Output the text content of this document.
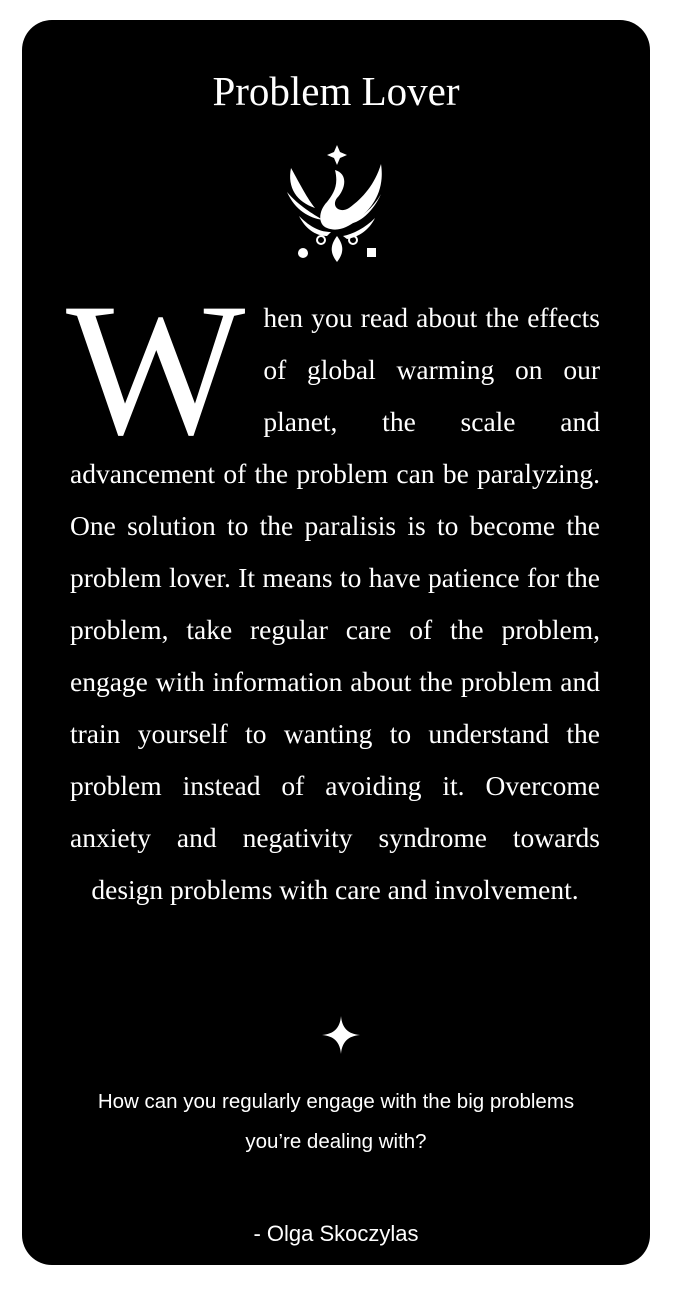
Problem Lover
When you read about the effects of global warming on our planet, the scale and advancement of the problem can be paralyzing. One solution to the paralisis is to become the problem lover. It means to have patience for the problem, take regular care of the problem, engage with information about the problem and train yourself to wanting to understand the problem instead of avoiding it. Overcome anxiety and negativity syndrome towards design problems with care and involvement.
How can you regularly engage with the big problems you’re dealing with?
- Olga Skoczylas
